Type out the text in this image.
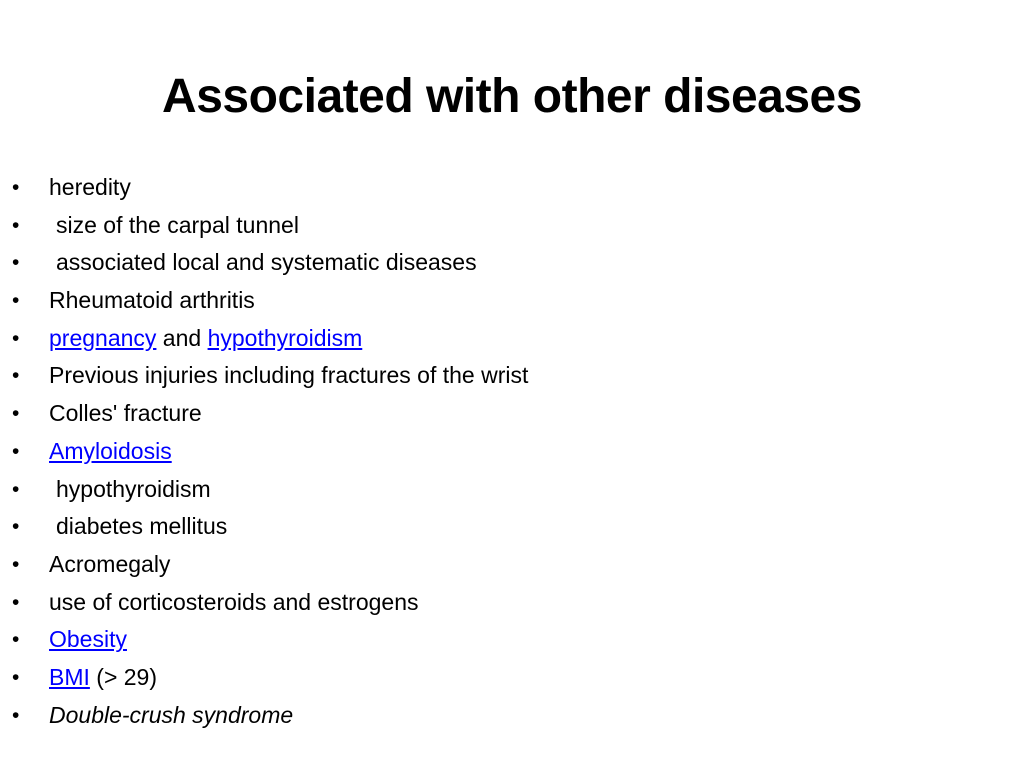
Associated with other diseases
• heredity
• size of the carpal tunnel
• associated local and systematic diseases
• Rheumatoid arthritis
• pregnancy and hypothyroidism
• Previous injuries including fractures of the wrist
• Colles' fracture
• Amyloidosis
• hypothyroidism
• diabetes mellitus
• Acromegaly
• use of corticosteroids and estrogens
• Obesity
• BMI (> 29)
• Double-crush syndrome
